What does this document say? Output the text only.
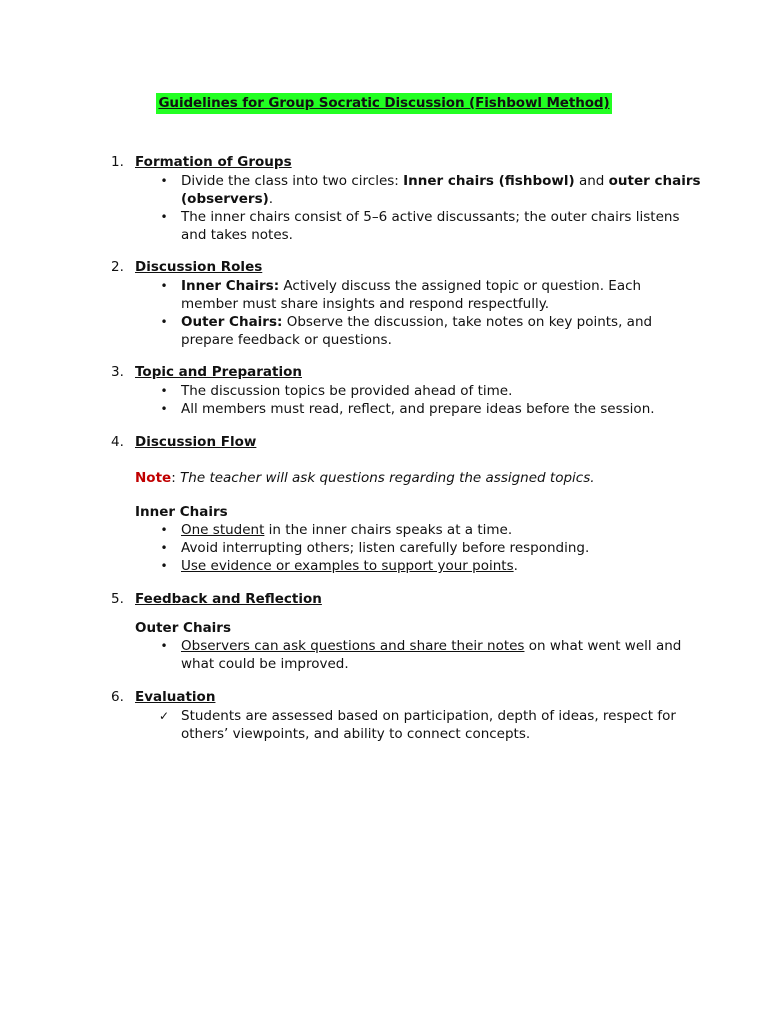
Guidelines for Group Socratic Discussion (Fishbowl Method)
1. Formation of Groups
• Divide the class into two circles: Inner chairs (fishbowl) and outer chairs
(observers).
• The inner chairs consist of 5–6 active discussants; the outer chairs listens
and takes notes.
2. Discussion Roles
• Inner Chairs: Actively discuss the assigned topic or question. Each
member must share insights and respond respectfully.
• Outer Chairs: Observe the discussion, take notes on key points, and
prepare feedback or questions.
3. Topic and Preparation
• The discussion topics be provided ahead of time.
• All members must read, reflect, and prepare ideas before the session.
4. Discussion Flow
Note: The teacher will ask questions regarding the assigned topics.
Inner Chairs
• One student in the inner chairs speaks at a time.
• Avoid interrupting others; listen carefully before responding.
• Use evidence or examples to support your points.
5. Feedback and Reflection
Outer Chairs
• Observers can ask questions and share their notes on what went well and
what could be improved.
6. Evaluation
✓ Students are assessed based on participation, depth of ideas, respect for
others’ viewpoints, and ability to connect concepts.
